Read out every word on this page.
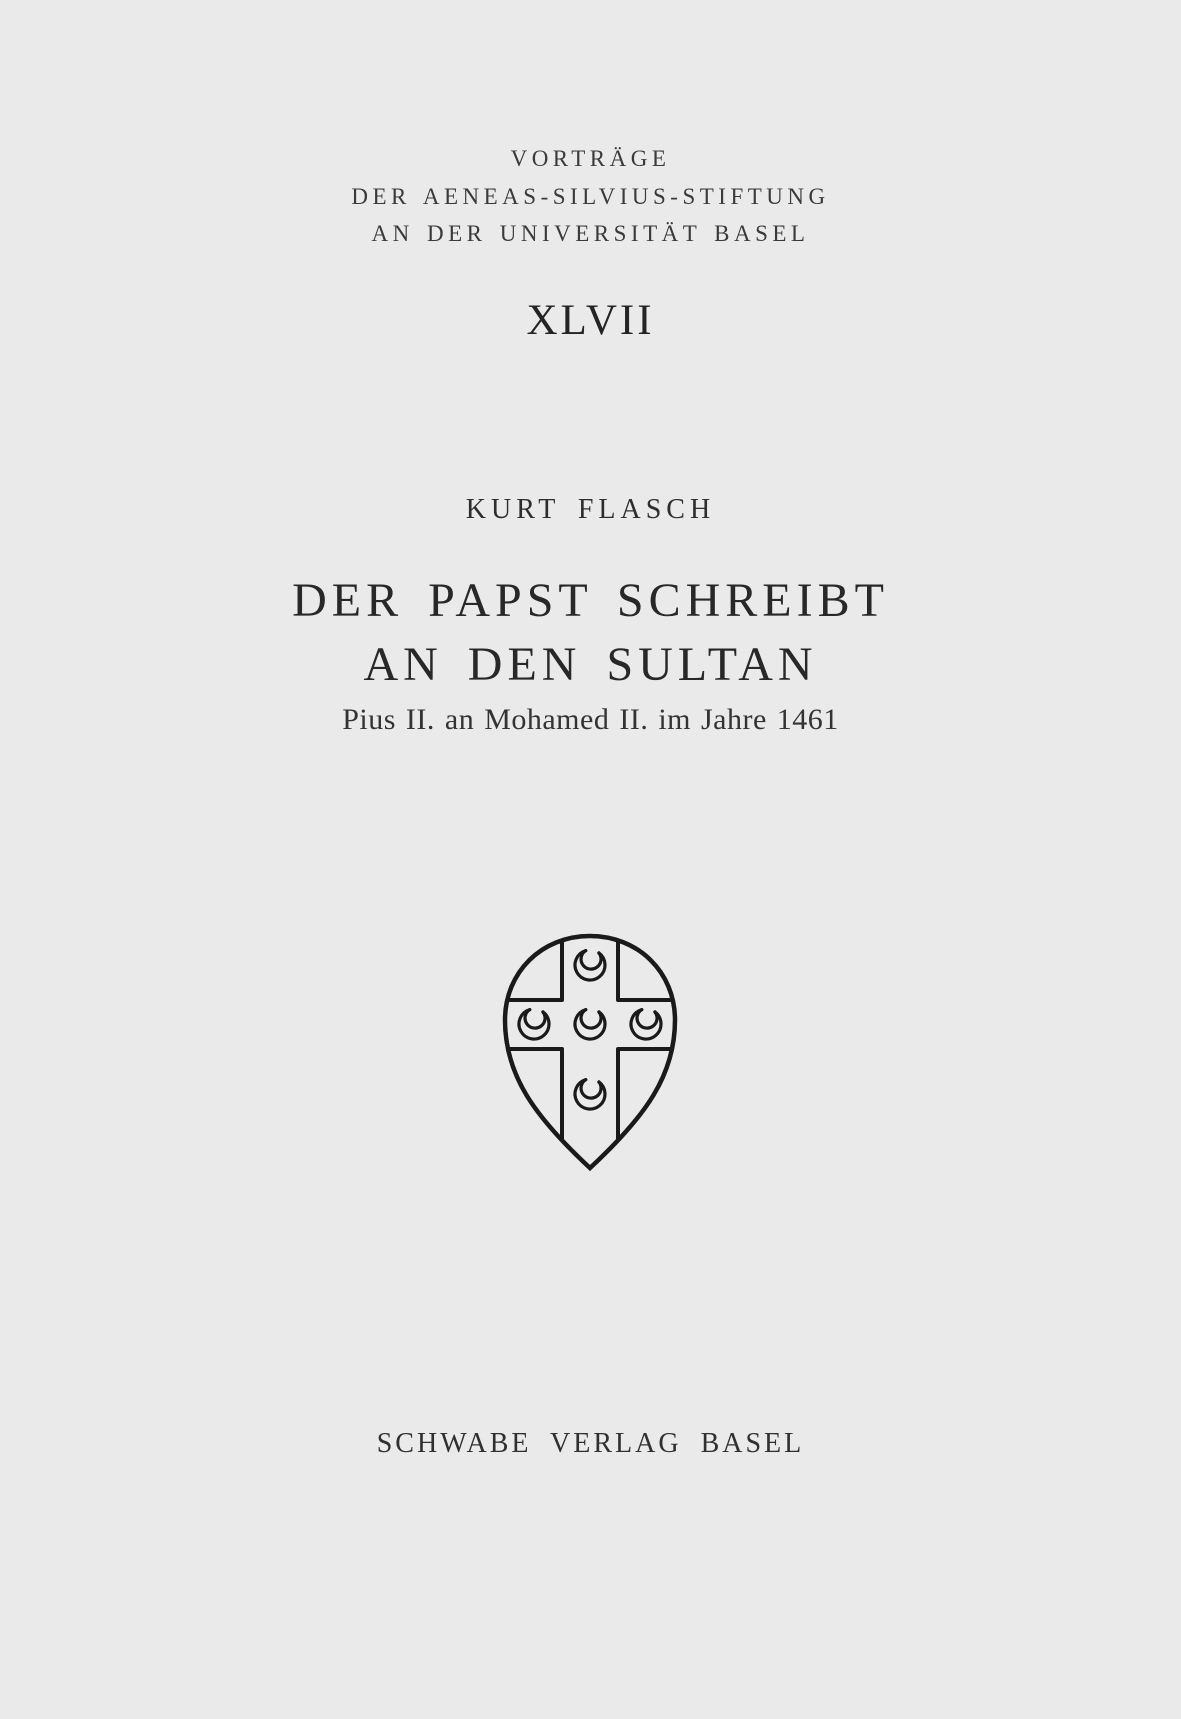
VORTRÄGE
DER AENEAS-SILVIUS-STIFTUNG
AN DER UNIVERSITÄT BASEL
XLVII
KURT FLASCH
DER PAPST SCHREIBT
AN DEN SULTAN
Pius II. an Mohamed II. im Jahre 1461
SCHWABE VERLAG BASEL
